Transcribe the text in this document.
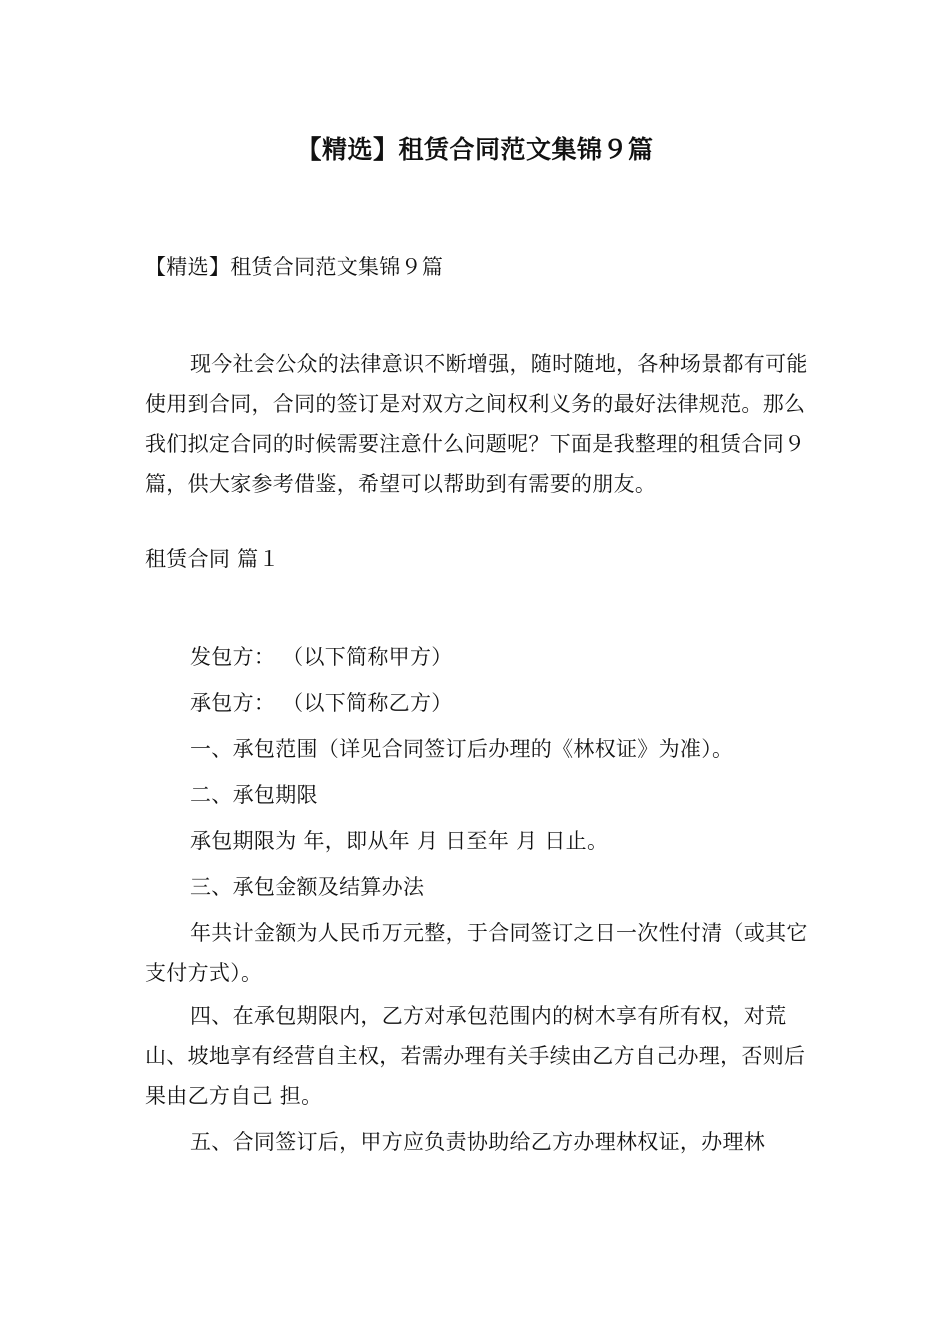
【精选】租赁合同范文集锦９篇
【精选】租赁合同范文集锦９篇
现今社会公众的法律意识不断增强，随时随地，各种场景都有可能使用到合同，合同的签订是对双方之间权利义务的最好法律规范。那么我们拟定合同的时候需要注意什么问题呢？下面是我整理的租赁合同９篇，供大家参考借鉴，希望可以帮助到有需要的朋友。
租赁合同 篇１

发包方： （以下简称甲方）

承包方： （以下简称乙方）

一、承包范围（详见合同签订后办理的《林权证》为准）。

二、承包期限

承包期限为 年，即从年 月 日至年 月 日止。

三、承包金额及结算办法

年共计金额为人民币万元整，于合同签订之日一次性付清（或其它支付方式）。

四、在承包期限内，乙方对承包范围内的树木享有所有权，对荒山、坡地享有经营自主权，若需办理有关手续由乙方自己办理，否则后果由乙方自己 担。

五、合同签订后，甲方应负责协助给乙方办理林权证，办理林
